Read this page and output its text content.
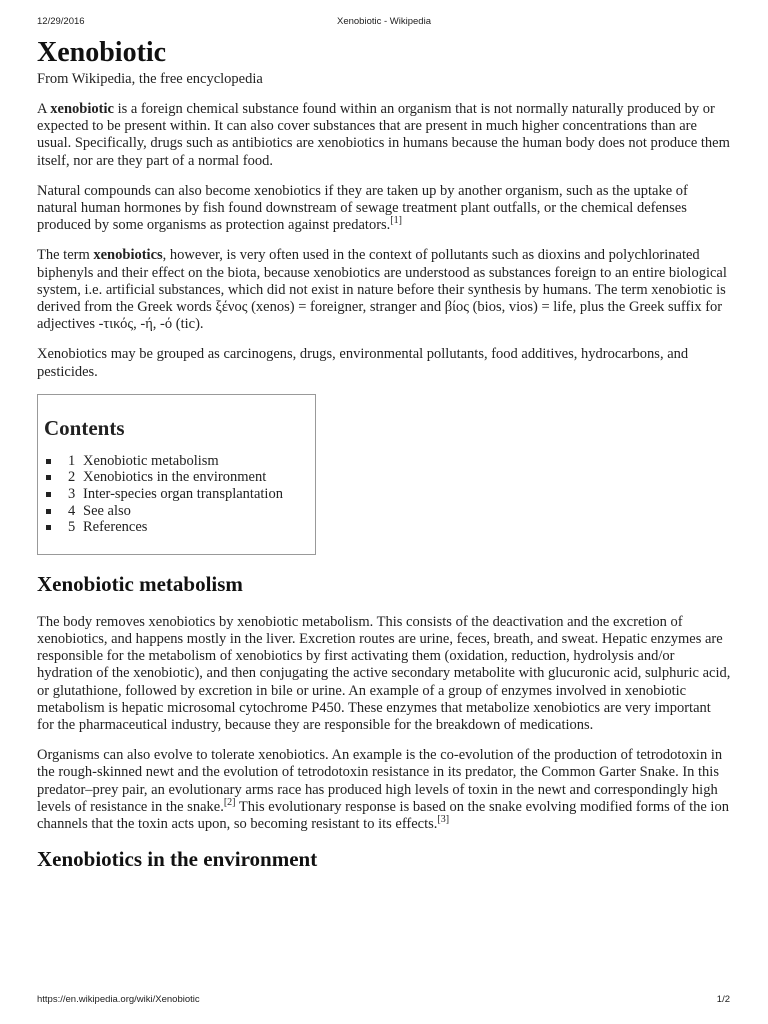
12/29/2016	Xenobiotic - Wikipedia
Xenobiotic
From Wikipedia, the free encyclopedia

A xenobiotic is a foreign chemical substance found within an organism that is not normally naturally produced by or expected to be present within. It can also cover substances that are present in much higher concentrations than are usual. Specifically, drugs such as antibiotics are xenobiotics in humans because the human body does not produce them itself, nor are they part of a normal food.

Natural compounds can also become xenobiotics if they are taken up by another organism, such as the uptake of natural human hormones by fish found downstream of sewage treatment plant outfalls, or the chemical defenses produced by some organisms as protection against predators.[1]

The term xenobiotics, however, is very often used in the context of pollutants such as dioxins and polychlorinated biphenyls and their effect on the biota, because xenobiotics are understood as substances foreign to an entire biological system, i.e. artificial substances, which did not exist in nature before their synthesis by humans. The term xenobiotic is derived from the Greek words ξένος (xenos) = foreigner, stranger and βίος (bios, vios) = life, plus the Greek suffix for adjectives -τικός, -ή, -ό (tic).

Xenobiotics may be grouped as carcinogens, drugs, environmental pollutants, food additives, hydrocarbons, and pesticides.

Contents
1 Xenobiotic metabolism
2 Xenobiotics in the environment
3 Inter-species organ transplantation
4 See also
5 References
Xenobiotic metabolism

The body removes xenobiotics by xenobiotic metabolism. This consists of the deactivation and the excretion of xenobiotics, and happens mostly in the liver. Excretion routes are urine, feces, breath, and sweat. Hepatic enzymes are responsible for the metabolism of xenobiotics by first activating them (oxidation, reduction, hydrolysis and/or hydration of the xenobiotic), and then conjugating the active secondary metabolite with glucuronic acid, sulphuric acid, or glutathione, followed by excretion in bile or urine. An example of a group of enzymes involved in xenobiotic metabolism is hepatic microsomal cytochrome P450. These enzymes that metabolize xenobiotics are very important for the pharmaceutical industry, because they are responsible for the breakdown of medications.

Organisms can also evolve to tolerate xenobiotics. An example is the co-evolution of the production of tetrodotoxin in the rough-skinned newt and the evolution of tetrodotoxin resistance in its predator, the Common Garter Snake. In this predator–prey pair, an evolutionary arms race has produced high levels of toxin in the newt and correspondingly high levels of resistance in the snake.[2] This evolutionary response is based on the snake evolving modified forms of the ion channels that the toxin acts upon, so becoming resistant to its effects.[3]

Xenobiotics in the environment
https://en.wikipedia.org/wiki/Xenobiotic	1/2
